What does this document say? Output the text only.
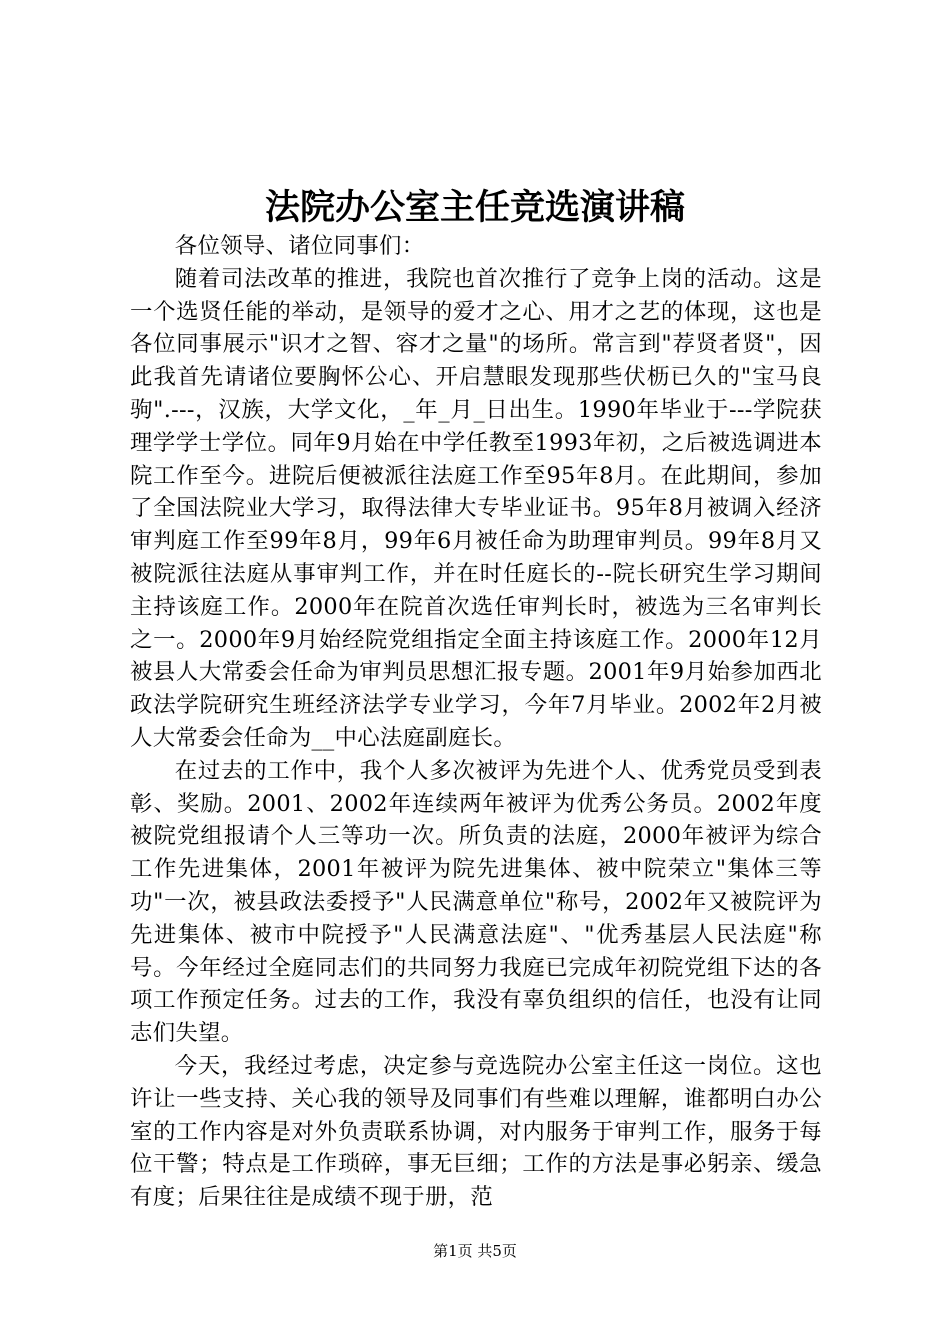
法院办公室主任竞选演讲稿

各位领导、诸位同事们：

随着司法改革的推进，我院也首次推行了竞争上岗的活动。这是一个选贤任能的举动，是领导的爱才之心、用才之艺的体现，这也是各位同事展示"识才之智、容才之量"的场所。常言到"荐贤者贤"，因此我首先请诸位要胸怀公心、开启慧眼发现那些伏枥已久的"宝马良驹".---，汉族，大学文化，_年_月_日出生。1990年毕业于---学院获理学学士学位。同年9月始在中学任教至1993年初，之后被选调进本院工作至今。进院后便被派往法庭工作至95年8月。在此期间，参加了全国法院业大学习，取得法律大专毕业证书。95年8月被调入经济审判庭工作至99年8月，99年6月被任命为助理审判员。99年8月又被院派往法庭从事审判工作，并在时任庭长的--院长研究生学习期间主持该庭工作。2000年在院首次选任审判长时，被选为三名审判长之一。2000年9月始经院党组指定全面主持该庭工作。2000年12月被县人大常委会任命为审判员思想汇报专题。2001年9月始参加西北政法学院研究生班经济法学专业学习，今年7月毕业。2002年2月被人大常委会任命为__中心法庭副庭长。

在过去的工作中，我个人多次被评为先进个人、优秀党员受到表彰、奖励。2001、2002年连续两年被评为优秀公务员。2002年度被院党组报请个人三等功一次。所负责的法庭，2000年被评为综合工作先进集体，2001年被评为院先进集体、被中院荣立"集体三等功"一次，被县政法委授予"人民满意单位"称号，2002年又被院评为先进集体、被市中院授予"人民满意法庭"、"优秀基层人民法庭"称号。今年经过全庭同志们的共同努力我庭已完成年初院党组下达的各项工作预定任务。过去的工作，我没有辜负组织的信任，也没有让同志们失望。

今天，我经过考虑，决定参与竞选院办公室主任这一岗位。这也许让一些支持、关心我的领导及同事们有些难以理解，谁都明白办公室的工作内容是对外负责联系协调，对内服务于审判工作，服务于每位干警；特点是工作琐碎，事无巨细；工作的方法是事必躬亲、缓急有度；后果往往是成绩不现于册，范

第1页 共5页
